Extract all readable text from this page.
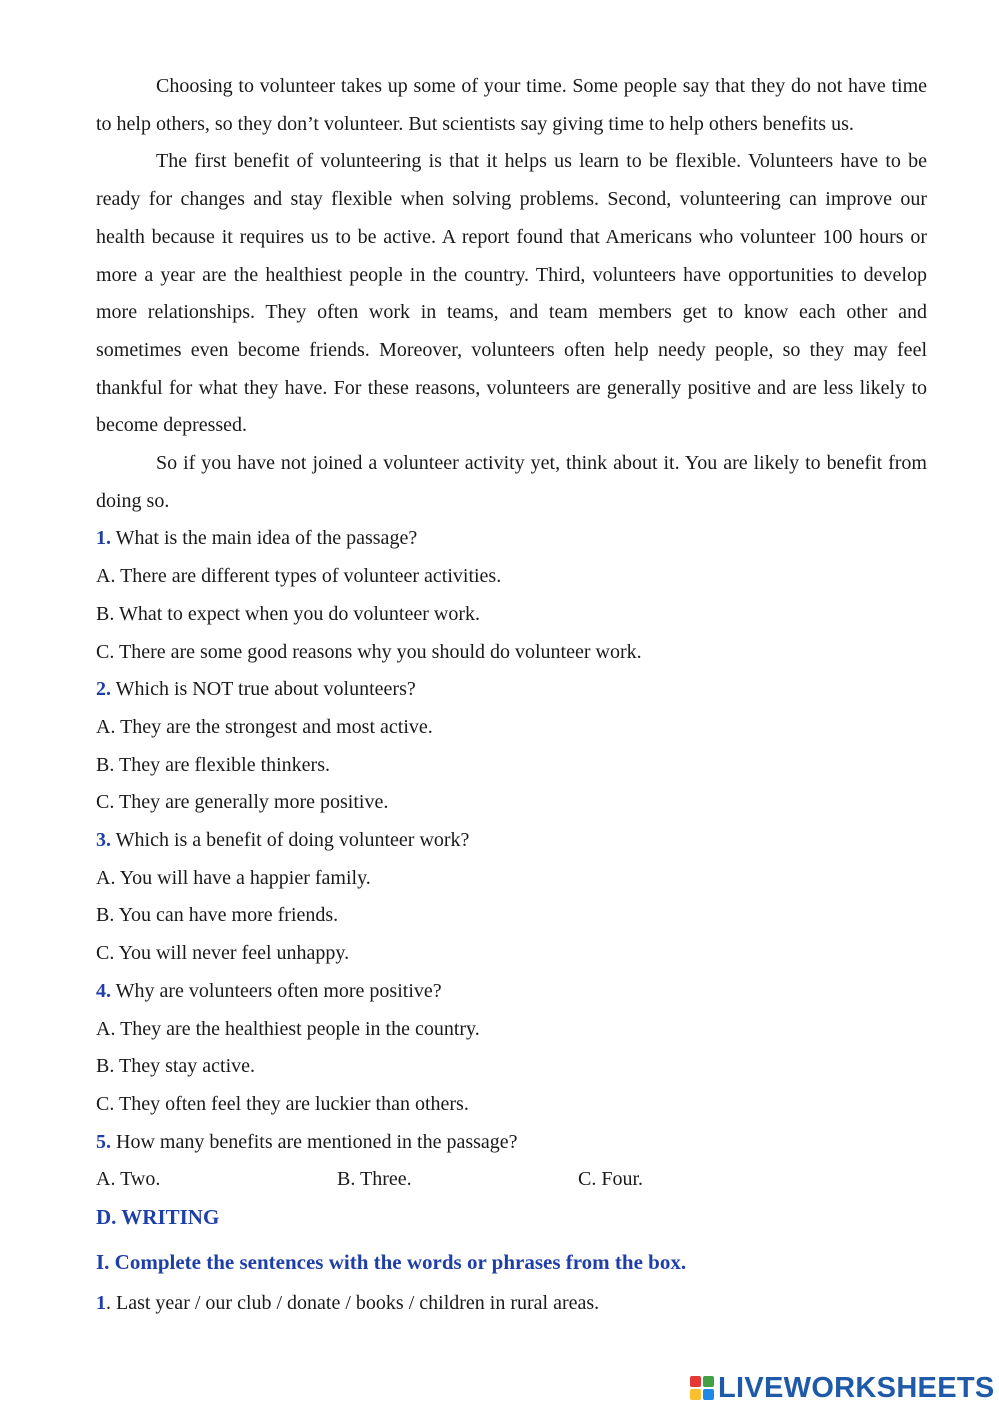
Choosing to volunteer takes up some of your time. Some people say that they do not have time to help others, so they don’t volunteer. But scientists say giving time to help others benefits us.

The first benefit of volunteering is that it helps us learn to be flexible. Volunteers have to be ready for changes and stay flexible when solving problems. Second, volunteering can improve our health because it requires us to be active. A report found that Americans who volunteer 100 hours or more a year are the healthiest people in the country. Third, volunteers have opportunities to develop more relationships. They often work in teams, and team members get to know each other and sometimes even become friends. Moreover, volunteers often help needy people, so they may feel thankful for what they have. For these reasons, volunteers are generally positive and are less likely to become depressed.

So if you have not joined a volunteer activity yet, think about it. You are likely to benefit from doing so.

1. What is the main idea of the passage?

A. There are different types of volunteer activities.

B. What to expect when you do volunteer work.

C. There are some good reasons why you should do volunteer work.

2. Which is NOT true about volunteers?

A. They are the strongest and most active.

B. They are flexible thinkers.

C. They are generally more positive.

3. Which is a benefit of doing volunteer work?

A. You will have a happier family.

B. You can have more friends.

C. You will never feel unhappy.

4. Why are volunteers often more positive?

A. They are the healthiest people in the country.

B. They stay active.

C. They often feel they are luckier than others.

5. How many benefits are mentioned in the passage?

A. Two.	B. Three.	C. Four.

D. WRITING

I. Complete the sentences with the words or phrases from the box.

1. Last year / our club / donate / books / children in rural areas.

LIVEWORKSHEETS
